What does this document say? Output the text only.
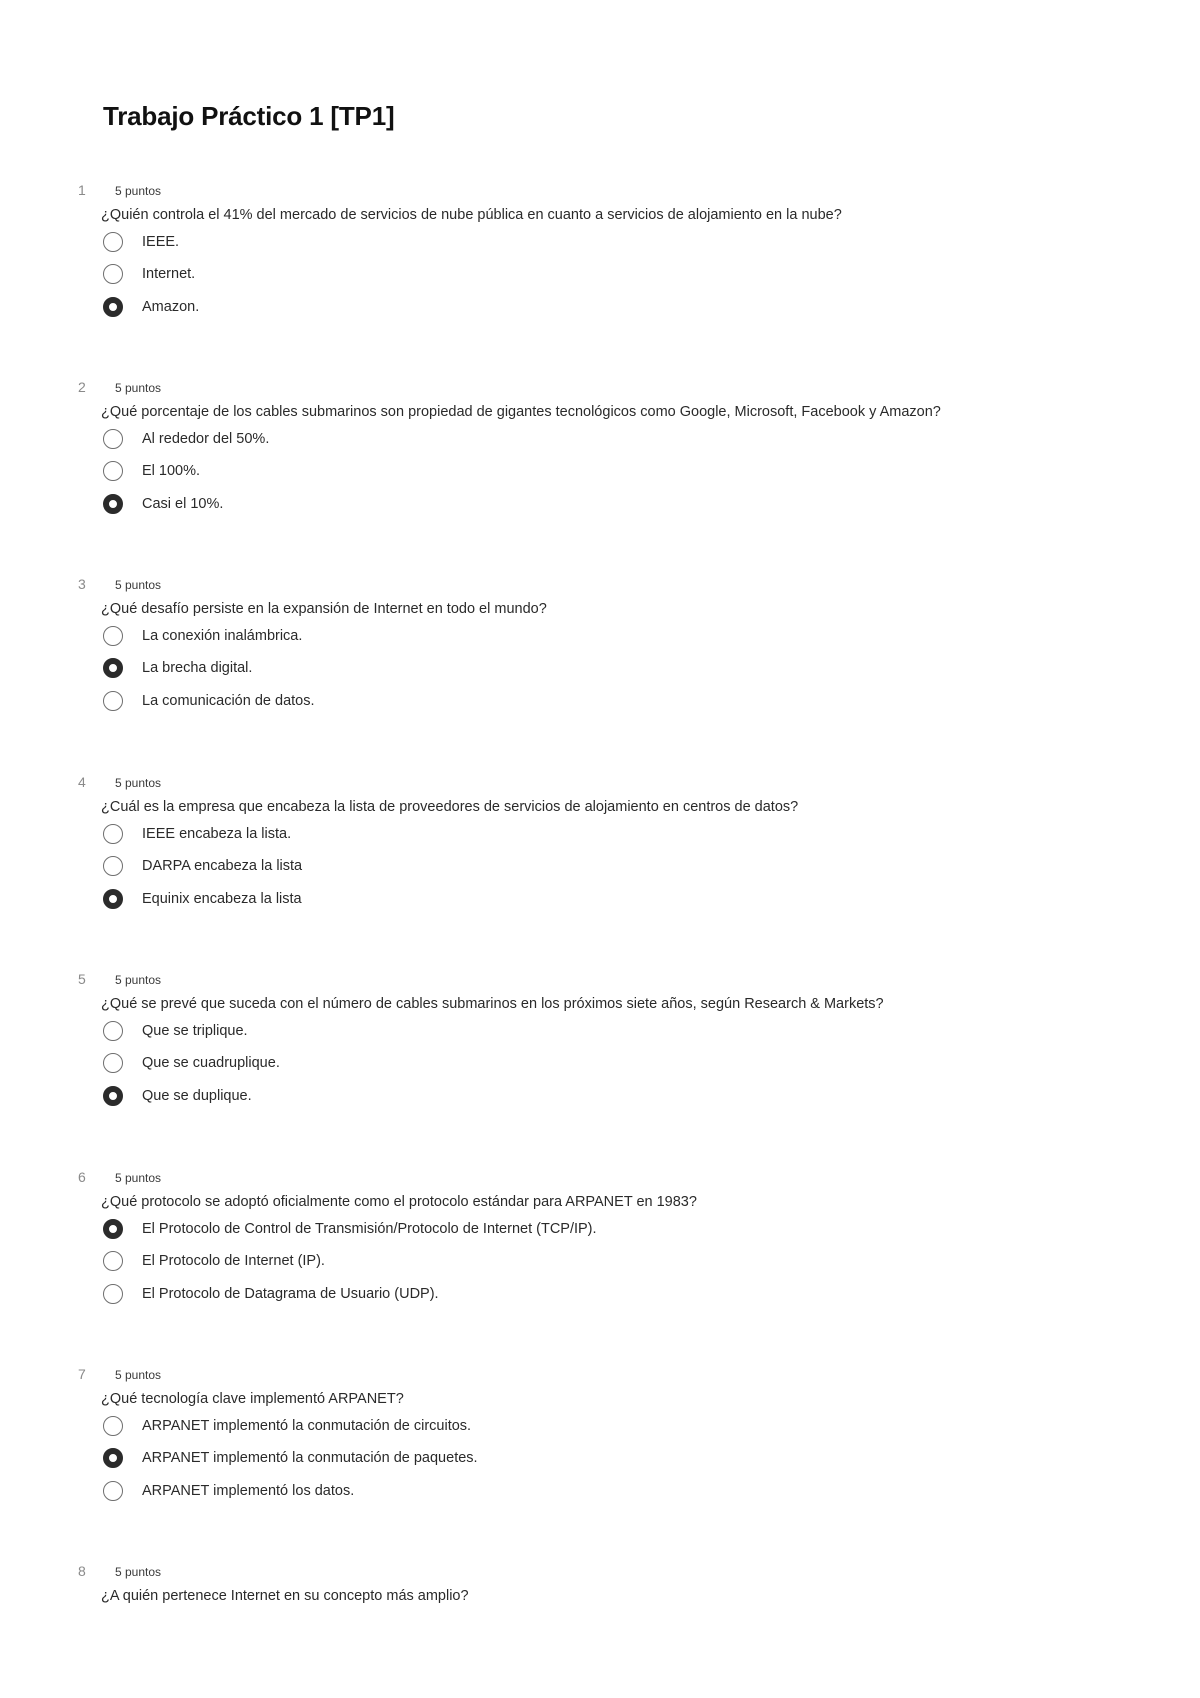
Trabajo Práctico 1 [TP1]
1 5 puntos
¿Quién controla el 41% del mercado de servicios de nube pública en cuanto a servicios de alojamiento en la nube?
IEEE.
Internet.
Amazon.
2 5 puntos
¿Qué porcentaje de los cables submarinos son propiedad de gigantes tecnológicos como Google, Microsoft, Facebook y Amazon?
Al rededor del 50%.
El 100%.
Casi el 10%.
3 5 puntos
¿Qué desafío persiste en la expansión de Internet en todo el mundo?
La conexión inalámbrica.
La brecha digital.
La comunicación de datos.
4 5 puntos
¿Cuál es la empresa que encabeza la lista de proveedores de servicios de alojamiento en centros de datos?
IEEE encabeza la lista.
DARPA encabeza la lista
Equinix encabeza la lista
5 5 puntos
¿Qué se prevé que suceda con el número de cables submarinos en los próximos siete años, según Research & Markets?
Que se triplique.
Que se cuadruplique.
Que se duplique.
6 5 puntos
¿Qué protocolo se adoptó oficialmente como el protocolo estándar para ARPANET en 1983?
El Protocolo de Control de Transmisión/Protocolo de Internet (TCP/IP).
El Protocolo de Internet (IP).
El Protocolo de Datagrama de Usuario (UDP).
7 5 puntos
¿Qué tecnología clave implementó ARPANET?
ARPANET implementó la conmutación de circuitos.
ARPANET implementó la conmutación de paquetes.
ARPANET implementó los datos.
8 5 puntos
¿A quién pertenece Internet en su concepto más amplio?
